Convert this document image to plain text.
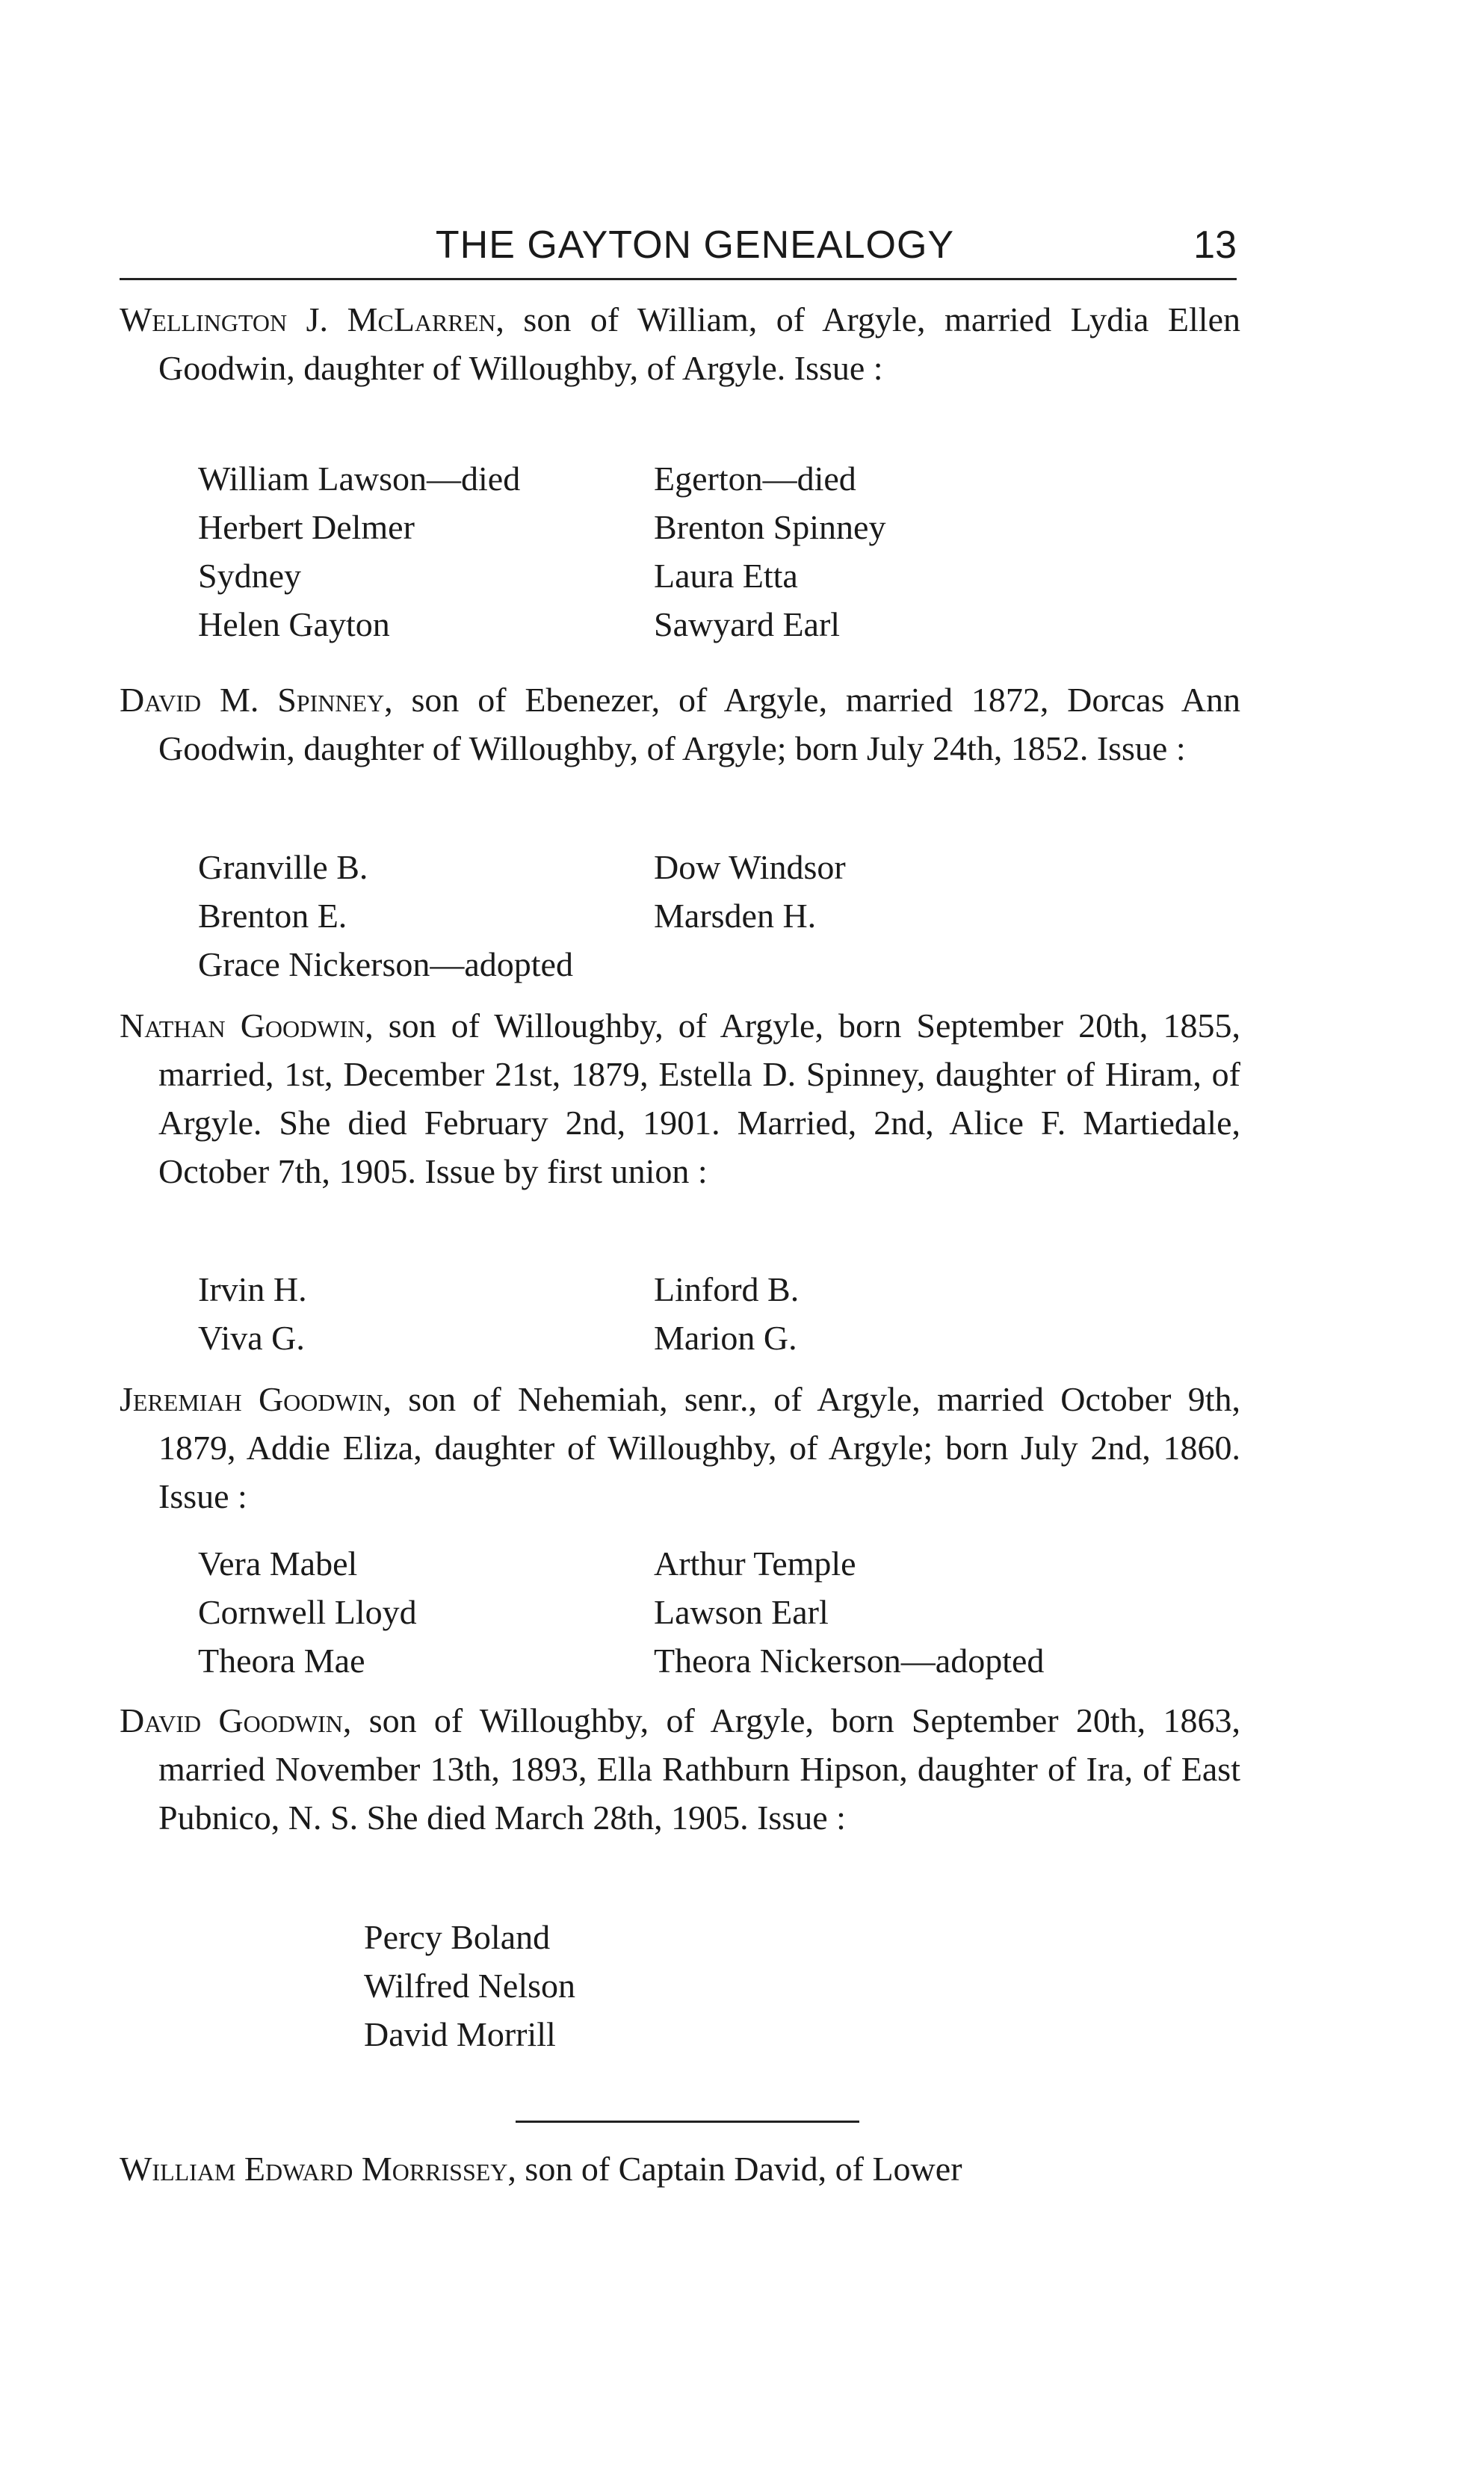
THE GAYTON GENEALOGY	13
Wellington J. McLarren, son of William, of Argyle, married Lydia Ellen Goodwin, daughter of Willoughby, of Argyle. Issue :
William Lawson—died	Egerton—died
Herbert Delmer	Brenton Spinney
Sydney	Laura Etta
Helen Gayton	Sawyard Earl
David M. Spinney, son of Ebenezer, of Argyle, married 1872, Dorcas Ann Goodwin, daughter of Willoughby, of Argyle; born July 24th, 1852. Issue :
Granville B.	Dow Windsor
Brenton E.	Marsden H.
Grace Nickerson—adopted
Nathan Goodwin, son of Willoughby, of Argyle, born September 20th, 1855, married, 1st, December 21st, 1879, Estella D. Spinney, daughter of Hiram, of Argyle. She died February 2nd, 1901. Married, 2nd, Alice F. Martiedale, October 7th, 1905. Issue by first union :
Irvin H.	Linford B.
Viva G.	Marion G.
Jeremiah Goodwin, son of Nehemiah, senr., of Argyle, married October 9th, 1879, Addie Eliza, daughter of Willoughby, of Argyle; born July 2nd, 1860. Issue :
Vera Mabel	Arthur Temple
Cornwell Lloyd	Lawson Earl
Theora Mae	Theora Nickerson—adopted
David Goodwin, son of Willoughby, of Argyle, born September 20th, 1863, married November 13th, 1893, Ella Rathburn Hipson, daughter of Ira, of East Pubnico, N. S. She died March 28th, 1905. Issue :
Percy Boland
Wilfred Nelson
David Morrill
William Edward Morrissey, son of Captain David, of Lower
